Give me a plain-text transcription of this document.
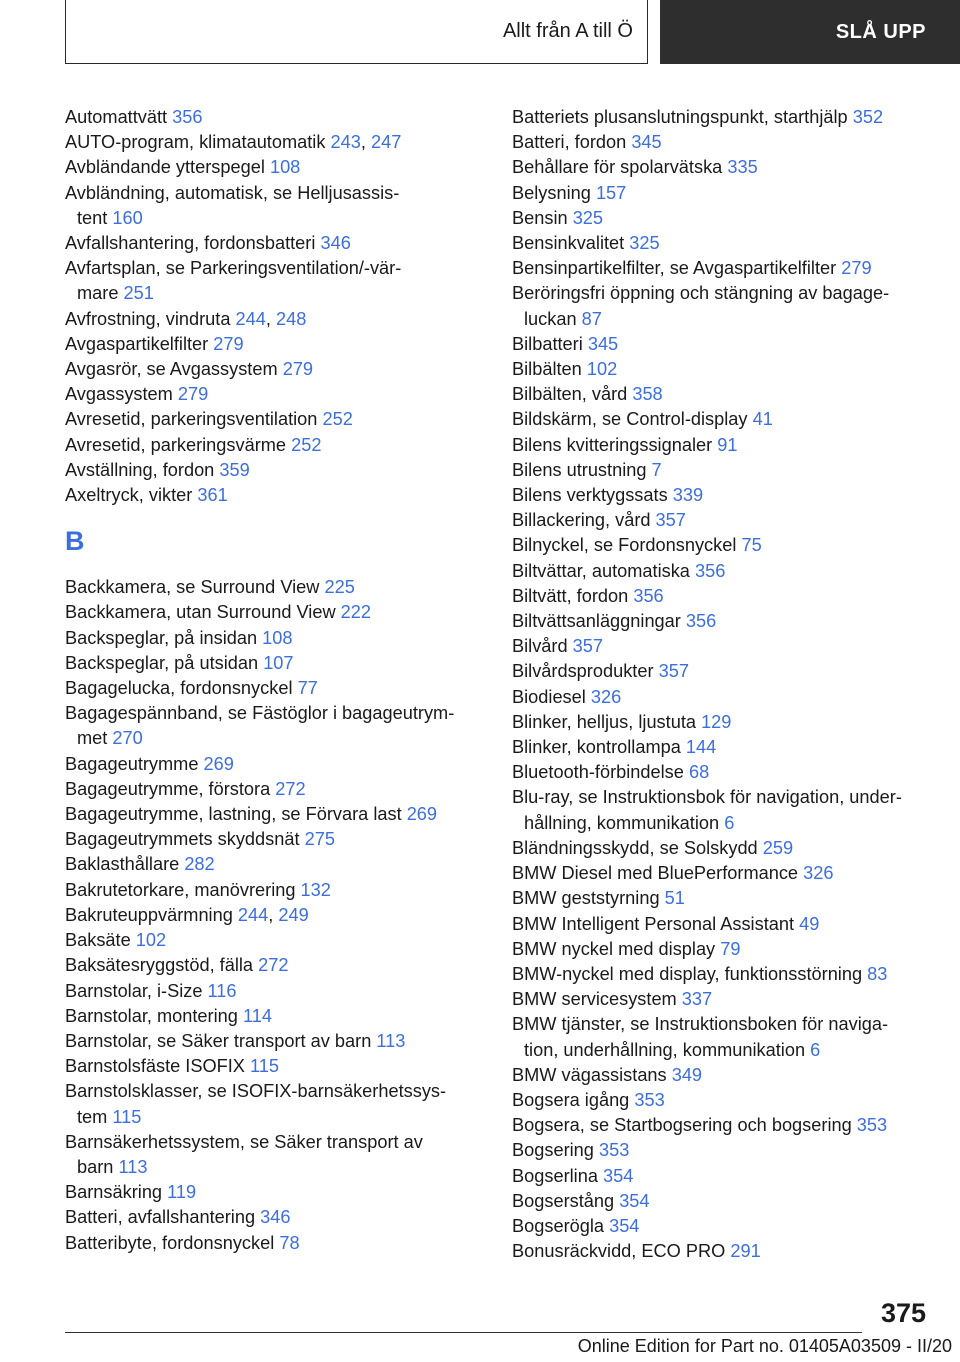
Allt från A till Ö	SLÅ UPP
Automattvätt 356
AUTO-program, klimatautomatik 243, 247
Avbländande ytterspegel 108
Avbländning, automatisk, se Helljusassis-
tent 160
Avfallshantering, fordonsbatteri 346
Avfartsplan, se Parkeringsventilation/-vär-
mare 251
Avfrostning, vindruta 244, 248
Avgaspartikelfilter 279
Avgasrör, se Avgassystem 279
Avgassystem 279
Avresetid, parkeringsventilation 252
Avresetid, parkeringsvärme 252
Avställning, fordon 359
Axeltryck, vikter 361
B
Backkamera, se Surround View 225
Backkamera, utan Surround View 222
Backspeglar, på insidan 108
Backspeglar, på utsidan 107
Bagagelucka, fordonsnyckel 77
Bagagespännband, se Fästöglor i bagageutrym-
met 270
Bagageutrymme 269
Bagageutrymme, förstora 272
Bagageutrymme, lastning, se Förvara last 269
Bagageutrymmets skyddsnät 275
Baklasthållare 282
Bakrutetorkare, manövrering 132
Bakruteuppvärmning 244, 249
Baksäte 102
Baksätesryggstöd, fälla 272
Barnstolar, i-Size 116
Barnstolar, montering 114
Barnstolar, se Säker transport av barn 113
Barnstolsfäste ISOFIX 115
Barnstolsklasser, se ISOFIX-barnsäkerhetssys-
tem 115
Barnsäkerhetssystem, se Säker transport av
barn 113
Barnsäkring 119
Batteri, avfallshantering 346
Batteribyte, fordonsnyckel 78
Batteriets plusanslutningspunkt, starthjälp 352
Batteri, fordon 345
Behållare för spolarvätska 335
Belysning 157
Bensin 325
Bensinkvalitet 325
Bensinpartikelfilter, se Avgaspartikelfilter 279
Beröringsfri öppning och stängning av bagage-
luckan 87
Bilbatteri 345
Bilbälten 102
Bilbälten, vård 358
Bildskärm, se Control-display 41
Bilens kvitteringssignaler 91
Bilens utrustning 7
Bilens verktygssats 339
Billackering, vård 357
Bilnyckel, se Fordonsnyckel 75
Biltvättar, automatiska 356
Biltvätt, fordon 356
Biltvättsanläggningar 356
Bilvård 357
Bilvårdsprodukter 357
Biodiesel 326
Blinker, helljus, ljustuta 129
Blinker, kontrollampa 144
Bluetooth-förbindelse 68
Blu-ray, se Instruktionsbok för navigation, under-
hållning, kommunikation 6
Bländningsskydd, se Solskydd 259
BMW Diesel med BluePerformance 326
BMW geststyrning 51
BMW Intelligent Personal Assistant 49
BMW nyckel med display 79
BMW-nyckel med display, funktionsstörning 83
BMW servicesystem 337
BMW tjänster, se Instruktionsboken för naviga-
tion, underhållning, kommunikation 6
BMW vägassistans 349
Bogsera igång 353
Bogsera, se Startbogsering och bogsering 353
Bogsering 353
Bogserlina 354
Bogserstång 354
Bogserögla 354
Bonusräckvidd, ECO PRO 291
375
Online Edition for Part no. 01405A03509 - II/20
